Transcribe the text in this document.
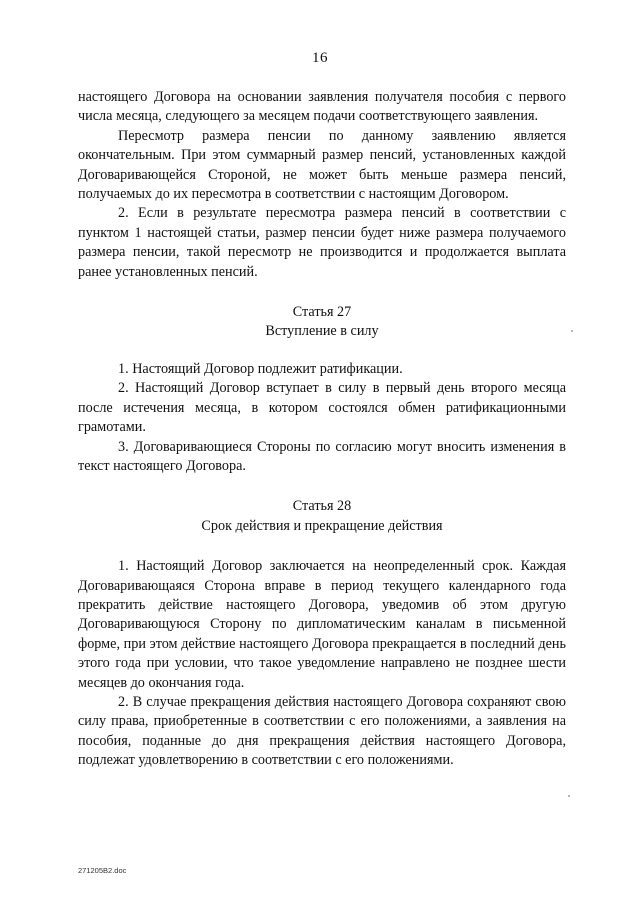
16

настоящего Договора на основании заявления получателя пособия с первого числа месяца, следующего за месяцем подачи соответствующего заявления.

Пересмотр размера пенсии по данному заявлению является окончательным. При этом суммарный размер пенсий, установленных каждой Договаривающейся Стороной, не может быть меньше размера пенсий, получаемых до их пересмотра в соответствии с настоящим Договором.

2. Если в результате пересмотра размера пенсий в соответствии с пунктом 1 настоящей статьи, размер пенсии будет ниже размера получаемого размера пенсии, такой пересмотр не производится и продолжается выплата ранее установленных пенсий.

Статья 27

Вступление в силу

1. Настоящий Договор подлежит ратификации.

2. Настоящий Договор вступает в силу в первый день второго месяца после истечения месяца, в котором состоялся обмен ратификационными грамотами.

3. Договаривающиеся Стороны по согласию могут вносить изменения в текст настоящего Договора.

Статья 28

Срок действия и прекращение действия

1. Настоящий Договор заключается на неопределенный срок. Каждая Договаривающаяся Сторона вправе в период текущего календарного года прекратить действие настоящего Договора, уведомив об этом другую Договаривающуюся Сторону по дипломатическим каналам в письменной форме, при этом действие настоящего Договора прекращается в последний день этого года при условии, что такое уведомление направлено не позднее шести месяцев до окончания года.

2. В случае прекращения действия настоящего Договора сохраняют свою силу права, приобретенные в соответствии с его положениями, а заявления на пособия, поданные до дня прекращения действия настоящего Договора, подлежат удовлетворению в соответствии с его положениями.

271205B2.doc
